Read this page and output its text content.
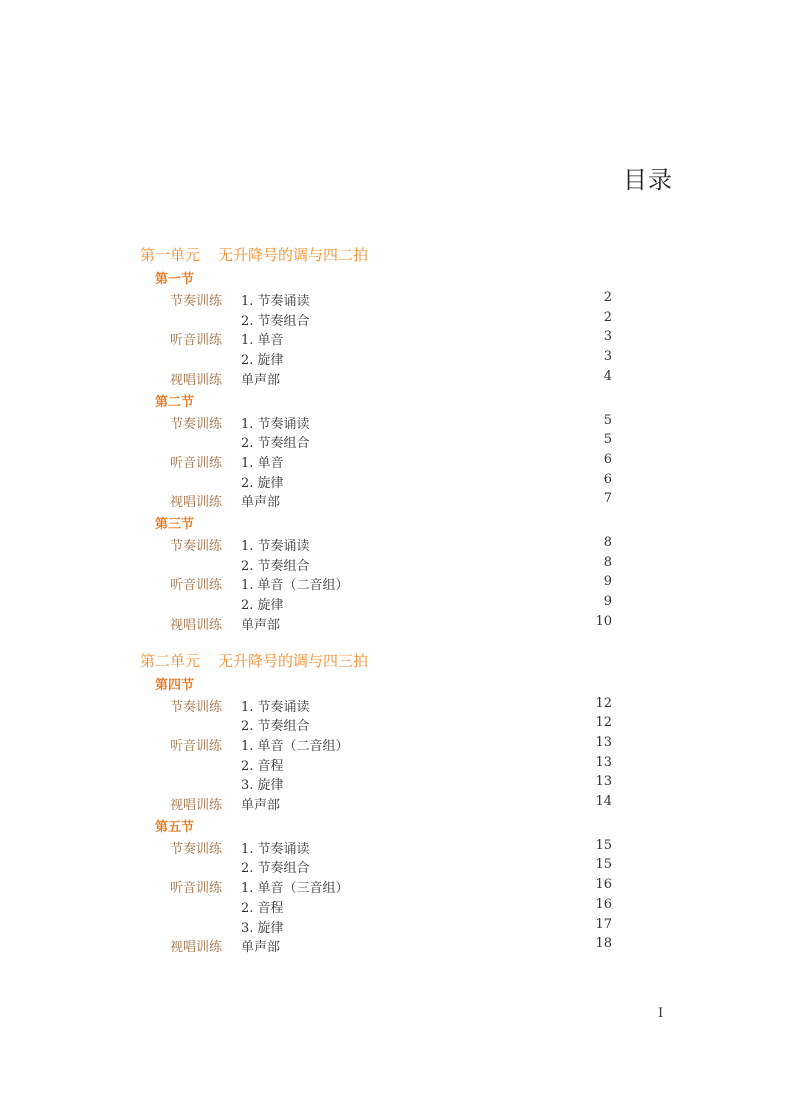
目录
第一单元 无升降号的调与四二拍
第一节
节奏训练 1. 节奏诵读	2
2. 节奏组合	2
听音训练 1. 单音	3
2. 旋律	3
视唱训练 单声部	4
第二节
节奏训练 1. 节奏诵读	5
2. 节奏组合	5
听音训练 1. 单音	6
2. 旋律	6
视唱训练 单声部	7
第三节
节奏训练 1. 节奏诵读	8
2. 节奏组合	8
听音训练 1. 单音（二音组）	9
2. 旋律	9
视唱训练 单声部	10
第二单元 无升降号的调与四三拍
第四节
节奏训练 1. 节奏诵读	12
2. 节奏组合	12
听音训练 1. 单音（二音组）	13
2. 音程	13
3. 旋律	13
视唱训练 单声部	14
第五节
节奏训练 1. 节奏诵读	15
2. 节奏组合	15
听音训练 1. 单音（三音组）	16
2. 音程	16
3. 旋律	17
视唱训练 单声部	18
I
